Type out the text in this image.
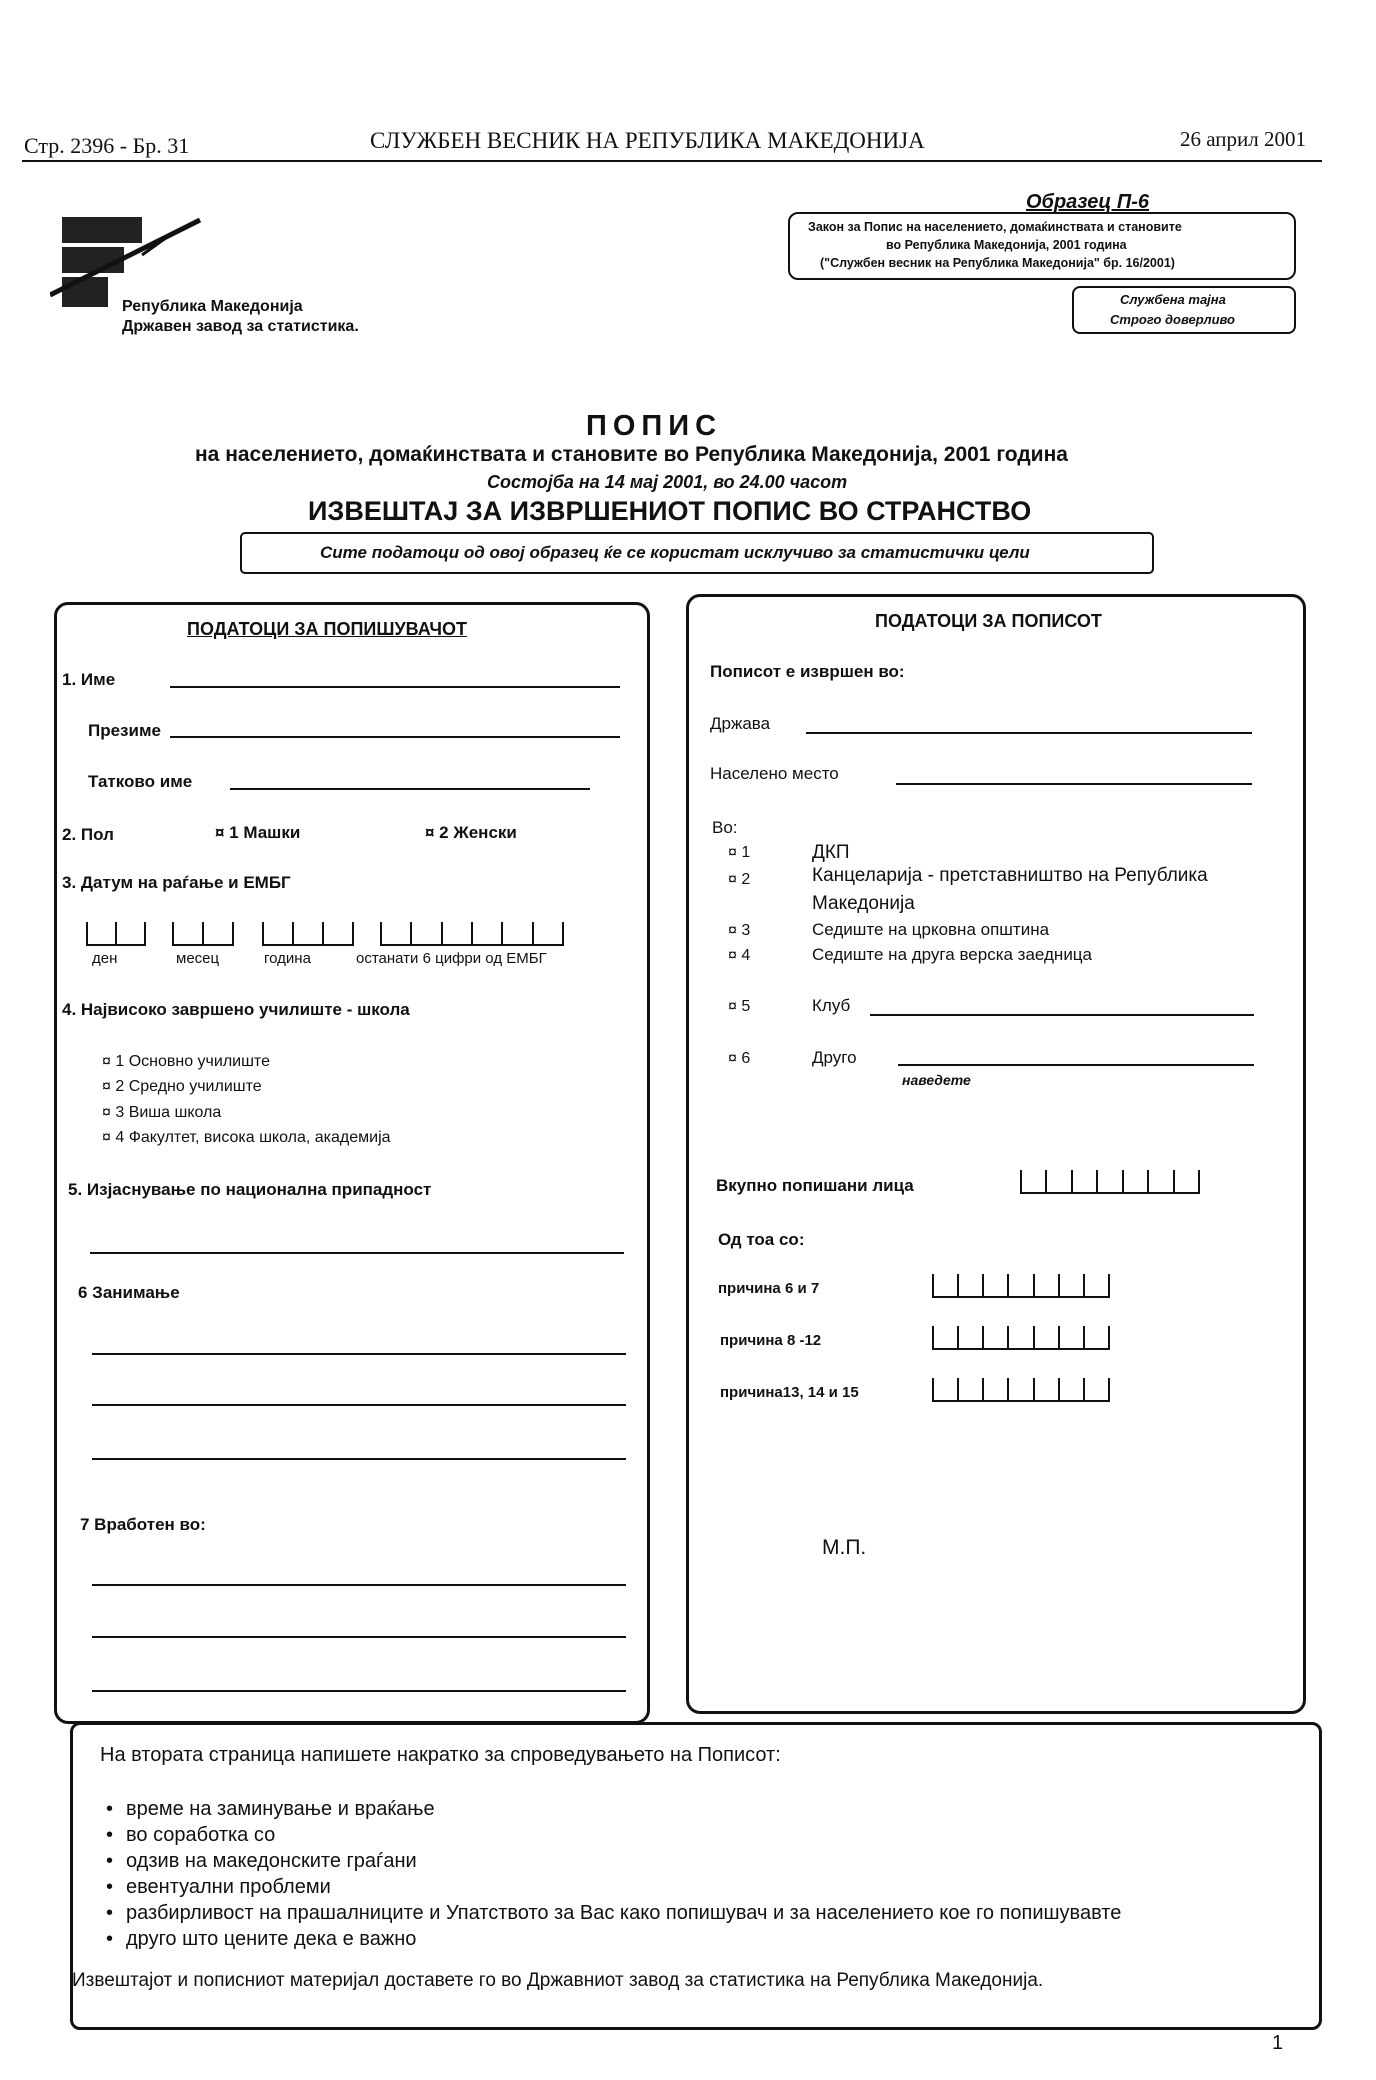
Стр. 2396 - Бр. 31	СЛУЖБЕН ВЕСНИК НА РЕПУБЛИКА МАКЕДОНИЈА	26 април 2001
Република Македонија
Државен завод за статистика.
Образец П-6
Закон за Попис на населението, домаќинствата и становите
во Република Македонија, 2001 година
("Службен весник на Република Македонија" бр. 16/2001)
Службена тајна
Строго доверливо
ПОПИС
на населението, домаќинствата и становите во Република Македонија, 2001 година
Состојба на 14 мај 2001, во 24.00 часот
ИЗВЕШТАЈ ЗА ИЗВРШЕНИОТ ПОПИС ВО СТРАНСТВО
Сите податоци од овој образец ќе се користат исклучиво за статистички цели
ПОДАТОЦИ ЗА ПОПИШУВАЧОТ
1. Име
Презиме
Татково име
2. Пол	¤ 1 Машки	¤ 2 Женски
3. Датум на раѓање и ЕМБГ
ден	месец	година	останати 6 цифри од ЕМБГ
4. Највисоко завршено училиште - школа
¤ 1 Основно училиште
¤ 2 Средно училиште
¤ 3 Виша школа
¤ 4 Факултет, висока школа, академија
5. Изјаснување по национална припадност
6 Занимање
7 Вработен во:
ПОДАТОЦИ ЗА ПОПИСОТ
Пописот е извршен во:
Држава
Населено место
Во:
¤ 1	ДКП
¤ 2	Канцеларија - претставништво на Република
Македонија
¤ 3	Седиште на црковна општина
¤ 4	Седиште на друга верска заедница
¤ 5	Клуб
¤ 6	Друго
наведете
Вкупно попишани лица
Од тоа со:
причина 6 и 7
причина 8 -12
причина13, 14 и 15
М.П.
На втората страница напишете накратко за спроведувањето на Пописот:
• време на заминување и враќање
• во соработка со
• одзив на македонските граѓани
• евентуални проблеми
• разбирливост на прашалниците и Упатството за Вас како попишувач и за населението кое го попишувавте
• друго што цените дека е важно
Извештајот и пописниот материјал доставете го во Државниот завод за статистика на Република Македонија.
1
